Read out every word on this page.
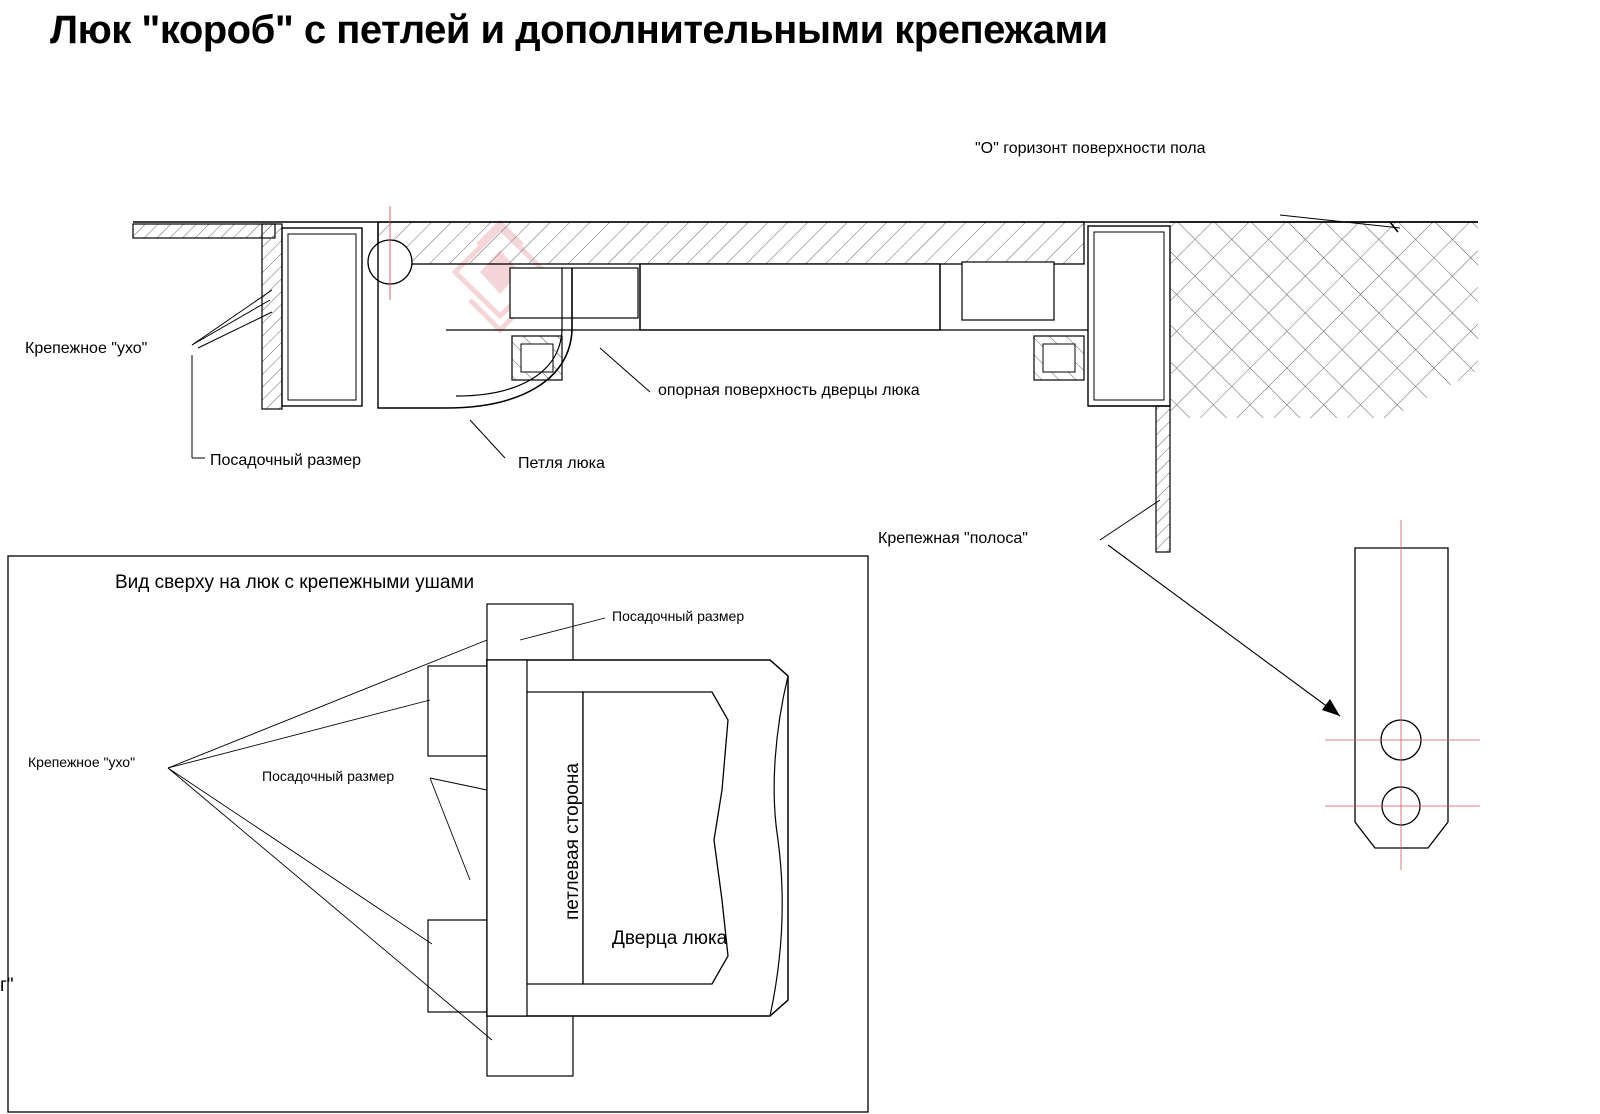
Люк "короб" с петлей и дополнительными крепежами
"О" горизонт поверхности пола
Крепежное "ухо"
Посадочный размер	Петля люка
опорная поверхность дверцы люка
Крепежная "полоса"
Вид сверху на люк с крепежными ушами
Посадочный размер
Посадочный размер
Крепежное "ухо"
петлевая сторона
Дверца люка
г"
